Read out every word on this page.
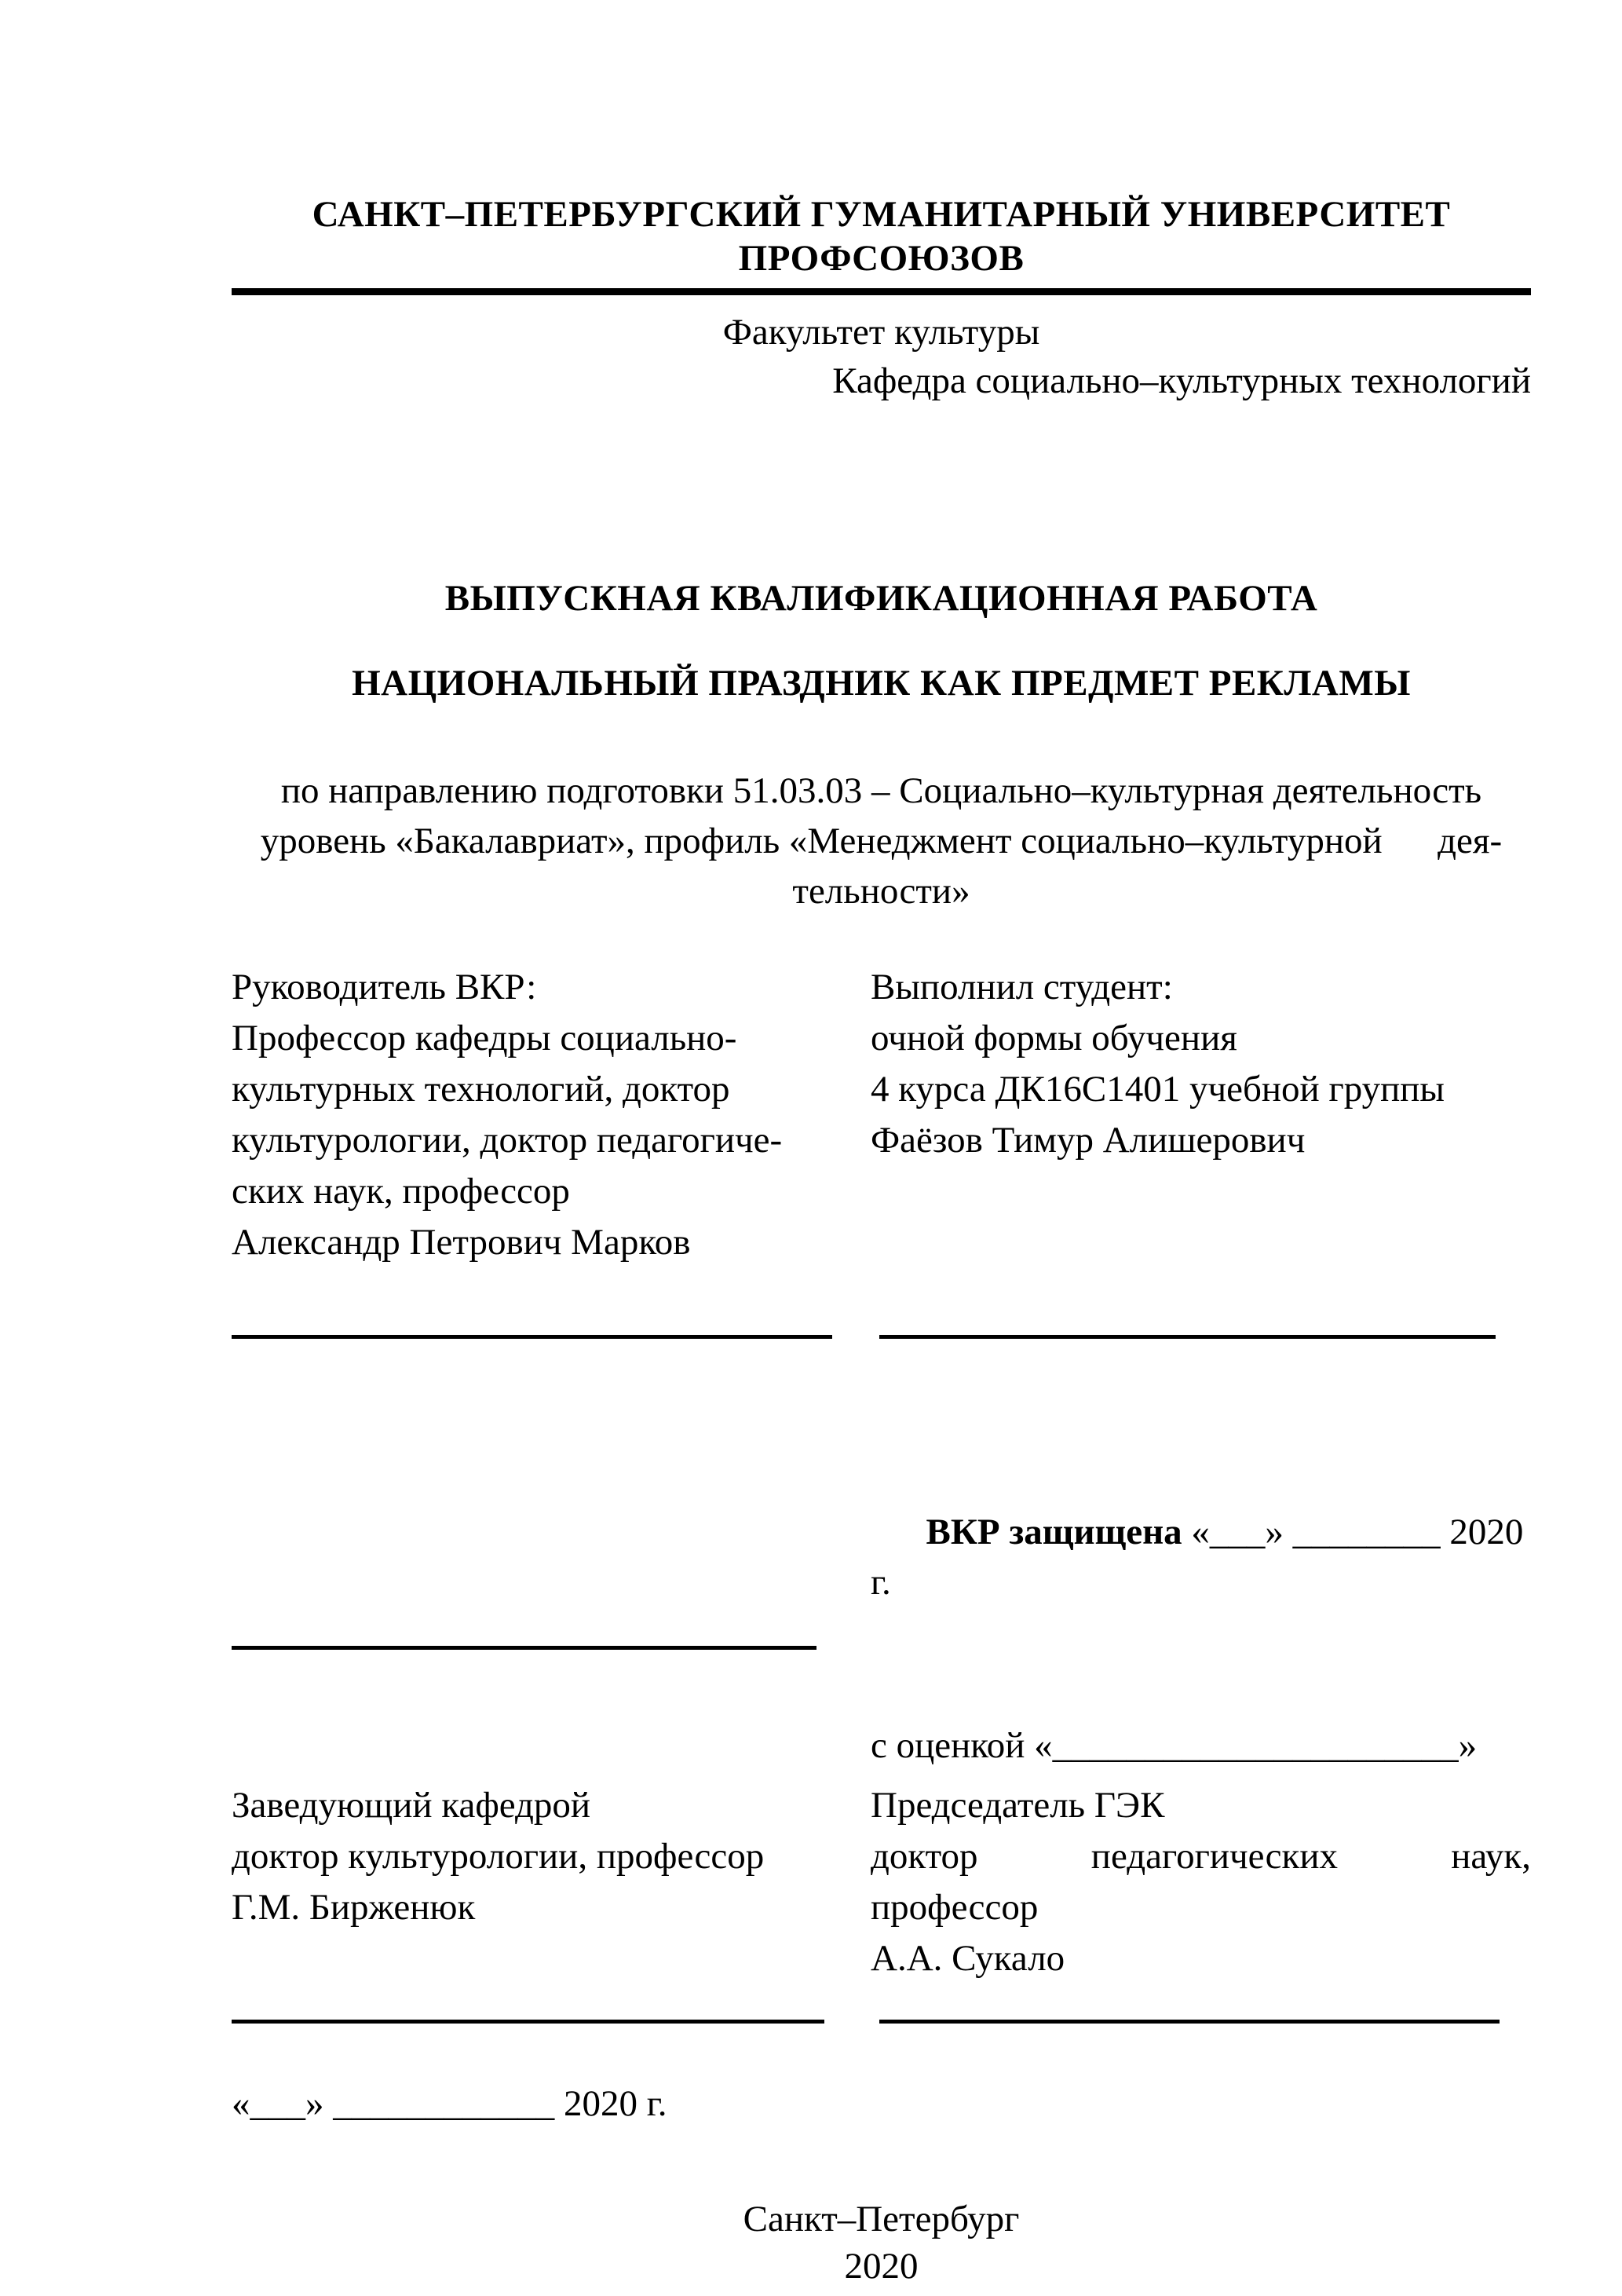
САНКТ–ПЕТЕРБУРГСКИЙ ГУМАНИТАРНЫЙ УНИВЕРСИТЕТ ПРОФСОЮЗОВ
Факультет культуры
Кафедра социально–культурных технологий
ВЫПУСКНАЯ КВАЛИФИКАЦИОННАЯ РАБОТА
НАЦИОНАЛЬНЫЙ ПРАЗДНИК КАК ПРЕДМЕТ РЕКЛАМЫ
по направлению подготовки 51.03.03 – Социально–культурная деятельность
уровень «Бакалавриат», профиль «Менеджмент социально–культурной      дея-
тельности»
Руководитель ВКР:
Профессор кафедры социально-
культурных технологий, доктор
культурологии, доктор педагогиче-
ских наук, профессор
Александр Петрович Марков
Выполнил студент:
очной формы обучения
4 курса ДК16С1401 учебной группы
Фаёзов Тимур Алишерович

ВКР защищена «___» ________ 2020 г.

с оценкой «______________________»
Заведующий кафедрой
доктор культурологии, профессор
Г.М. Бирженюк
Председатель ГЭК
доктор	педагогических	наук,
профессор
А.А. Сукало
«___» ____________ 2020 г.
Санкт–Петербург
2020
